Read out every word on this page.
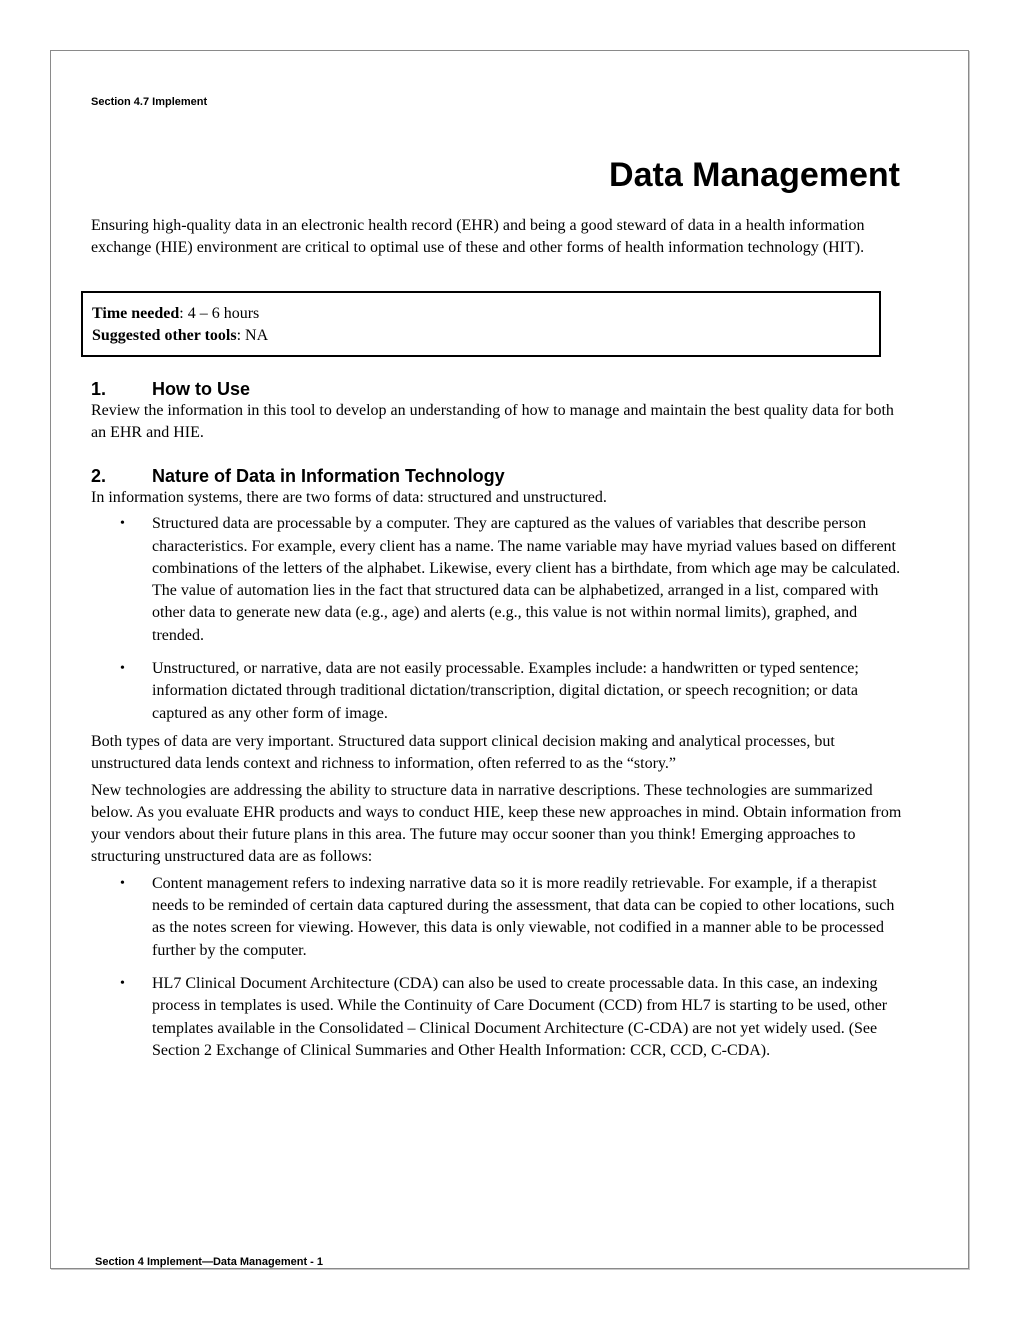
Section 4.7 Implement
Data Management

Ensuring high-quality data in an electronic health record (EHR) and being a good steward of data in a health information exchange (HIE) environment are critical to optimal use of these and other forms of health information technology (HIT).

Time needed: 4 – 6 hours
Suggested other tools: NA
1.	How to Use

Review the information in this tool to develop an understanding of how to manage and maintain the best quality data for both an EHR and HIE.

2.	Nature of Data in Information Technology

In information systems, there are two forms of data: structured and unstructured.

• Structured data are processable by a computer. They are captured as the values of variables that describe person characteristics. For example, every client has a name. The name variable may have myriad values based on different combinations of the letters of the alphabet. Likewise, every client has a birthdate, from which age may be calculated. The value of automation lies in the fact that structured data can be alphabetized, arranged in a list, compared with other data to generate new data (e.g., age) and alerts (e.g., this value is not within normal limits), graphed, and trended.
• Unstructured, or narrative, data are not easily processable. Examples include: a handwritten or typed sentence; information dictated through traditional dictation/transcription, digital dictation, or speech recognition; or data captured as any other form of image.

Both types of data are very important. Structured data support clinical decision making and analytical processes, but unstructured data lends context and richness to information, often referred to as the “story.”

New technologies are addressing the ability to structure data in narrative descriptions. These technologies are summarized below. As you evaluate EHR products and ways to conduct HIE, keep these new approaches in mind. Obtain information from your vendors about their future plans in this area. The future may occur sooner than you think! Emerging approaches to structuring unstructured data are as follows:

• Content management refers to indexing narrative data so it is more readily retrievable. For example, if a therapist needs to be reminded of certain data captured during the assessment, that data can be copied to other locations, such as the notes screen for viewing. However, this data is only viewable, not codified in a manner able to be processed further by the computer.
• HL7 Clinical Document Architecture (CDA) can also be used to create processable data. In this case, an indexing process in templates is used. While the Continuity of Care Document (CCD) from HL7 is starting to be used, other templates available in the Consolidated – Clinical Document Architecture (C-CDA) are not yet widely used. (See Section 2 Exchange of Clinical Summaries and Other Health Information: CCR, CCD, C-CDA).
Section 4 Implement—Data Management - 1
